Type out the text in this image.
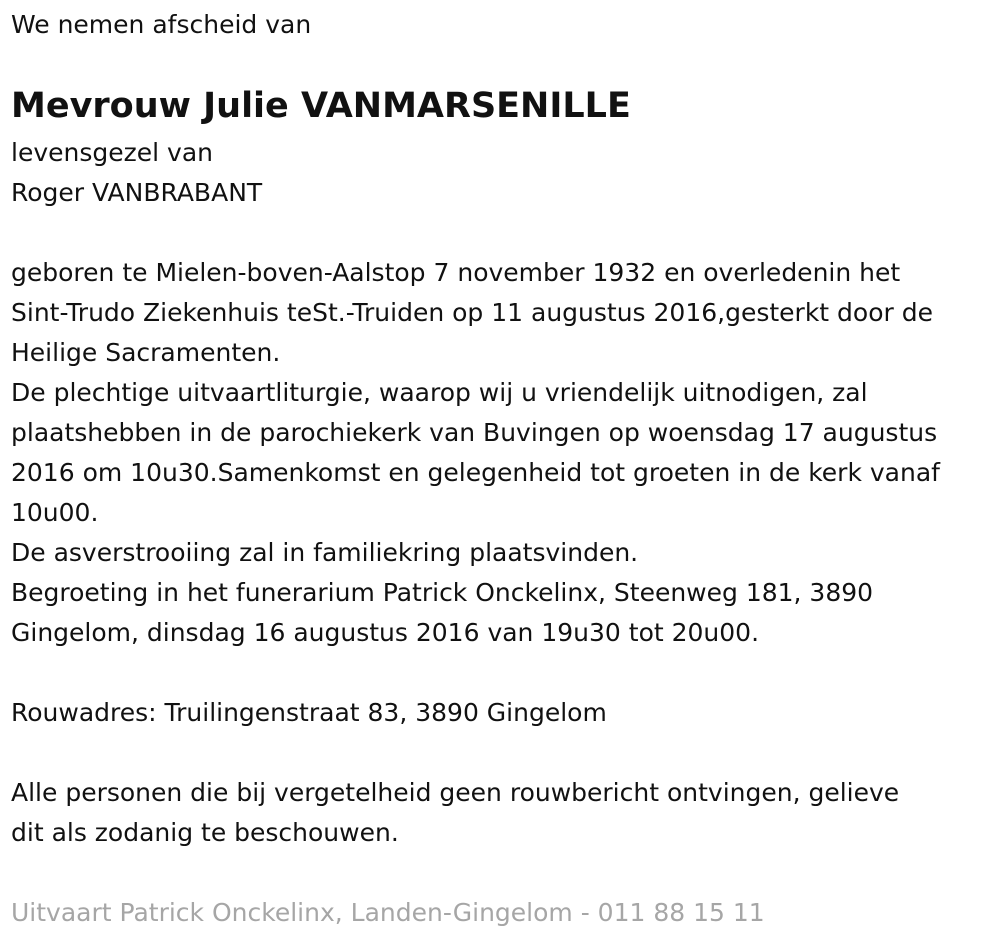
We nemen afscheid van
Mevrouw Julie VANMARSENILLE
levensgezel van
Roger VANBRABANT
geboren te Mielen-boven-Aalstop 7 november 1932 en overledenin het
Sint-Trudo Ziekenhuis teSt.-Truiden op 11 augustus 2016,gesterkt door de
Heilige Sacramenten.
De plechtige uitvaartliturgie, waarop wij u vriendelijk uitnodigen, zal
plaatshebben in de parochiekerk van Buvingen op woensdag 17 augustus
2016 om 10u30.Samenkomst en gelegenheid tot groeten in de kerk vanaf
10u00.
De asverstrooiing zal in familiekring plaatsvinden.
Begroeting in het funerarium Patrick Onckelinx, Steenweg 181, 3890
Gingelom, dinsdag 16 augustus 2016 van 19u30 tot 20u00.
Rouwadres: Truilingenstraat 83, 3890 Gingelom
Alle personen die bij vergetelheid geen rouwbericht ontvingen, gelieve
dit als zodanig te beschouwen.
Uitvaart Patrick Onckelinx, Landen-Gingelom - 011 88 15 11
